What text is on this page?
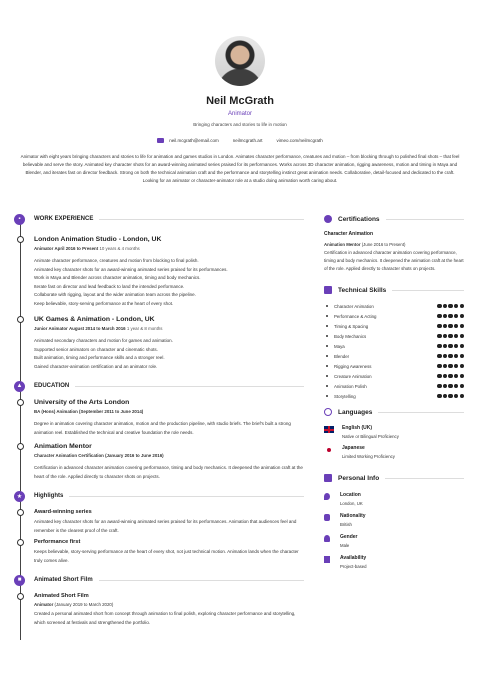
Neil McGrath
Animator
Bringing characters and stories to life in motion
neil.mcgrath@email.com	neilmcgrath.art	vimeo.com/neilmcgrath
Animator with eight years bringing characters and stories to life for animation and games studios in London. Animates character performance, creatures and motion – from blocking through to polished final shots – that feel believable and serve the story. Animated key character shots for an award-winning animated series praised for its performances. Works across 3D character animation, rigging awareness, motion and timing in Maya and Blender, and iterates fast on director feedback. Strong on both the technical animation craft and the performance and storytelling instinct great animation needs. Collaborative, detail-focused and dedicated to the craft. Looking for an animator or character-animator role at a studio doing animation worth caring about.
▪	WORK EXPERIENCE
London Animation Studio - London, UK
Animator April 2016 to Present 10 years & 4 months
Animate character performance, creatures and motion from blocking to final polish.
Animated key character shots for an award-winning animated series praised for its performances.
Work in Maya and Blender across character animation, timing and body mechanics.
Iterate fast on director and lead feedback to land the intended performance.
Collaborate with rigging, layout and the wider animation team across the pipeline.
Keep believable, story-serving performance at the heart of every shot.
UK Games & Animation - London, UK
Junior Animator August 2014 to March 2016 1 year & 8 months
Animated secondary characters and motion for games and animation.
Supported senior animators on character and cinematic shots.
Built animation, timing and performance skills and a stronger reel.
Gained character-animation certification and an animator role.
▲	EDUCATION
University of the Arts London
BA (Hons) Animation (September 2011 to June 2014)
Degree in animation covering character animation, motion and the production pipeline, with studio briefs. The brief's built a strong animation reel. Established the technical and creative foundation the role needs.
Animation Mentor
Character Animation Certification (January 2016 to June 2016)
Certification in advanced character animation covering performance, timing and body mechanics. It deepened the animation craft at the heart of the role. Applied directly to character shots on projects.
★	Highlights
Award-winning series
Animated key character shots for an award-winning animated series praised for its performances. Animation that audiences feel and remember is the clearest proof of the craft.
Performance first
Keeps believable, story-serving performance at the heart of every shot, not just technical motion. Animation lands when the character truly comes alive.
■	Animated Short Film
Animated Short Film
Animator (January 2019 to March 2020)
Created a personal animated short from concept through animation to final polish, exploring character performance and storytelling, which screened at festivals and strengthened the portfolio.
Certifications
Character Animation
Animation Mentor (June 2016 to Present)
Certification in advanced character animation covering performance, timing and body mechanics. It deepened the animation craft at the heart of the role. Applied directly to character shots on projects.
Technical Skills
Character Animation
Performance & Acting
Timing & Spacing
Body Mechanics
Maya
Blender
Rigging Awareness
Creature Animation
Animation Polish
Storytelling
Languages
English (UK)
Native or Bilingual Proficiency
Japanese
Limited Working Proficiency
Personal Info
Location
London, UK
Nationality
British
Gender
Male
Availability
Project-based
